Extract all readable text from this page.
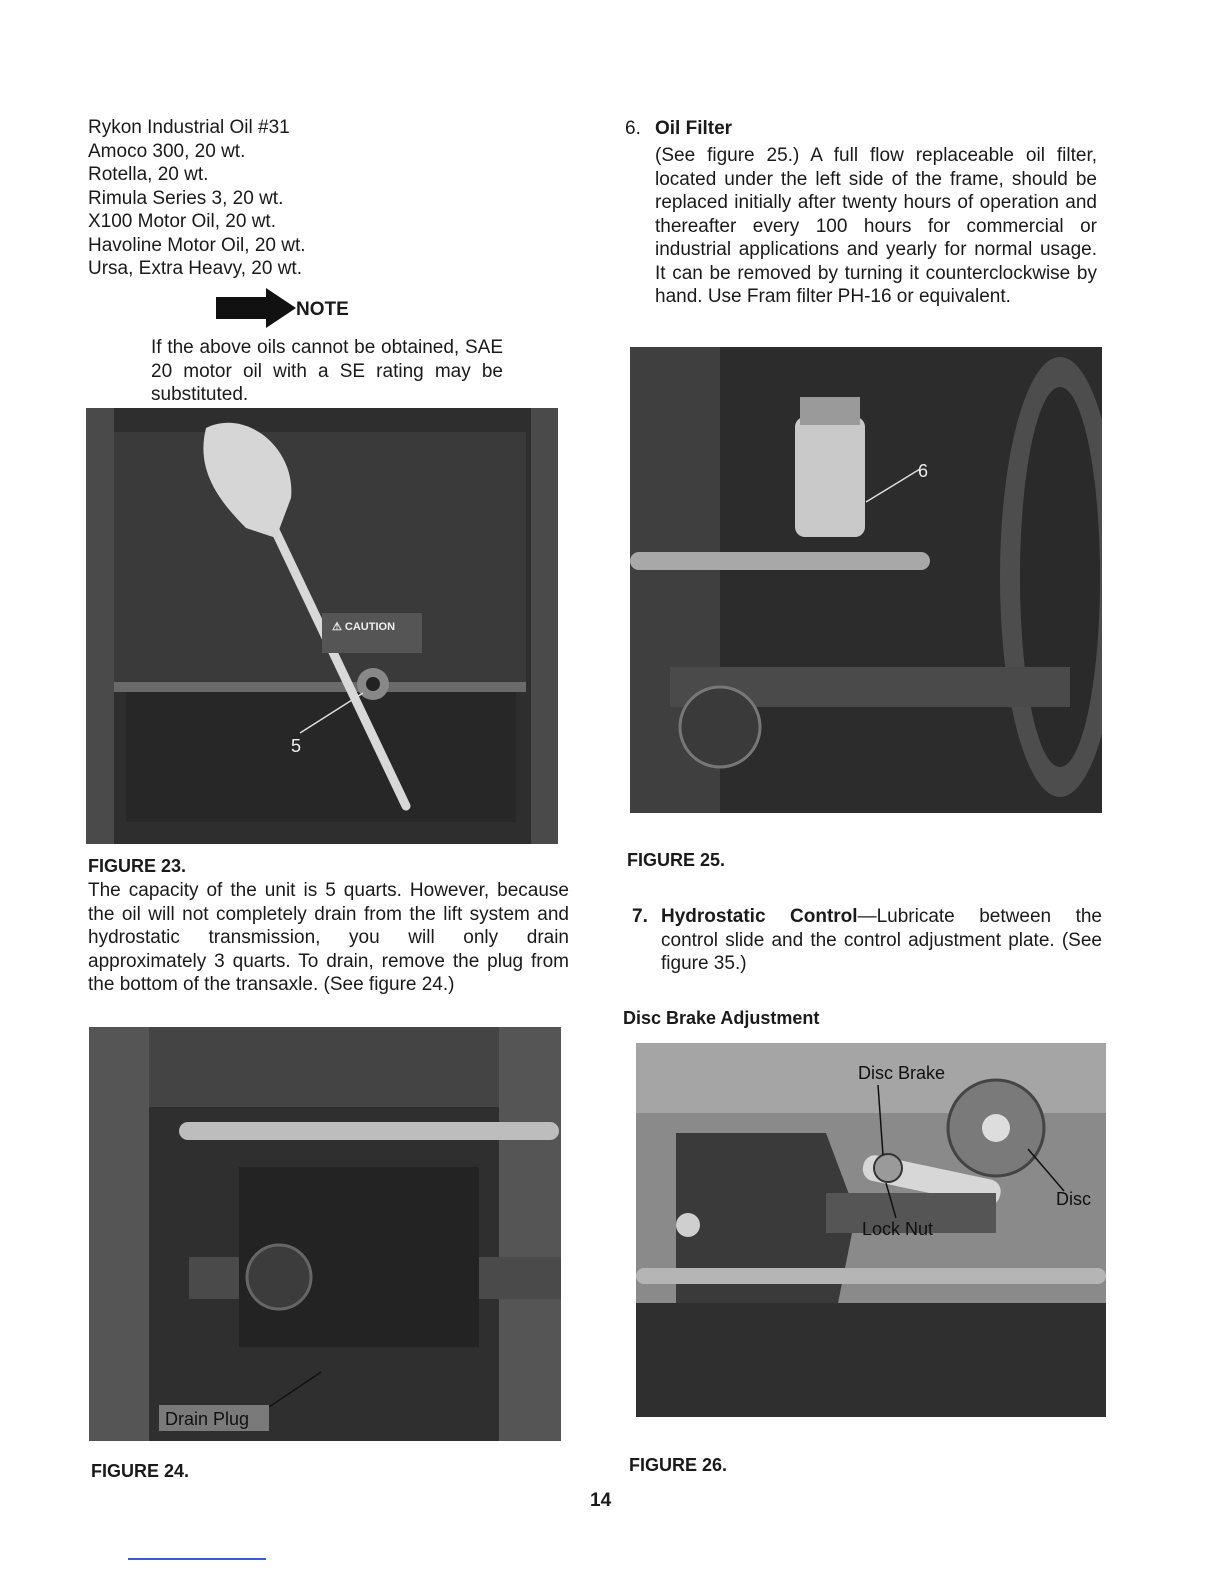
Rykon Industrial Oil #31
Amoco 300, 20 wt.
Rotella, 20 wt.
Rimula Series 3, 20 wt.
X100 Motor Oil, 20 wt.
Havoline Motor Oil, 20 wt.
Ursa, Extra Heavy, 20 wt.
NOTE
If the above oils cannot be obtained, SAE 20 motor oil with a SE rating may be substituted.
⚠ CAUTION
5
FIGURE 23.
The capacity of the unit is 5 quarts. However, because the oil will not completely drain from the lift system and hydrostatic transmission, you will only drain approximately 3 quarts. To drain, remove the plug from the bottom of the transaxle. (See figure 24.)
Drain Plug
FIGURE 24.
6. Oil Filter
(See figure 25.) A full flow replaceable oil filter, located under the left side of the frame, should be replaced initially after twenty hours of operation and thereafter every 100 hours for commercial or industrial applications and yearly for normal usage. It can be removed by turning it counterclockwise by hand. Use Fram filter PH-16 or equivalent.
6
FIGURE 25.
7. Hydrostatic Control—Lubricate between the control slide and the control adjustment plate. (See figure 35.)
Disc Brake Adjustment
Disc Brake
Disc
Lock Nut
FIGURE 26.
14
